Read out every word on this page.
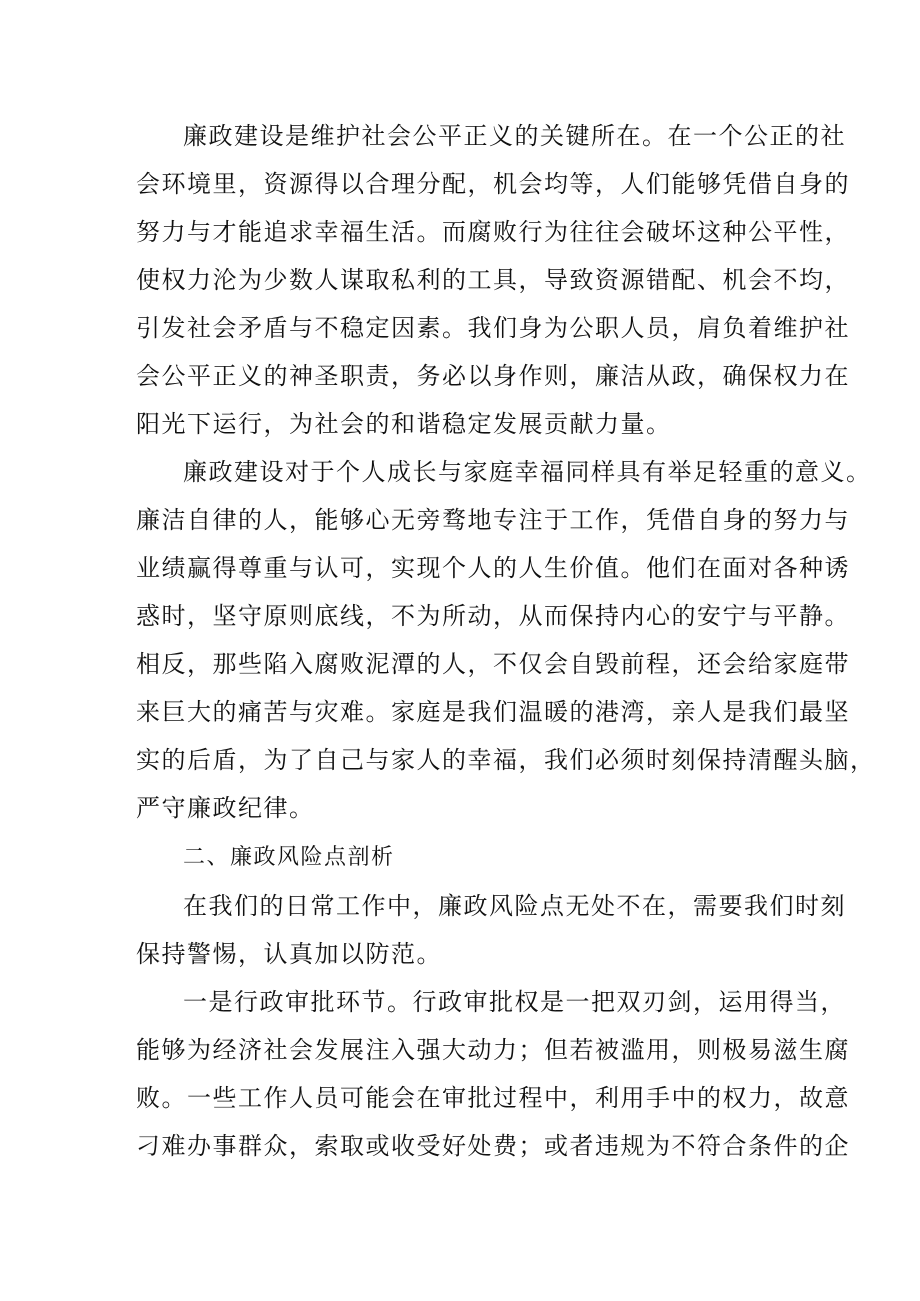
廉政建设是维护社会公平正义的关键所在。在一个公正的社
会环境里，资源得以合理分配，机会均等，人们能够凭借自身的
努力与才能追求幸福生活。而腐败行为往往会破坏这种公平性，
使权力沦为少数人谋取私利的工具，导致资源错配、机会不均，
引发社会矛盾与不稳定因素。我们身为公职人员，肩负着维护社
会公平正义的神圣职责，务必以身作则，廉洁从政，确保权力在
阳光下运行，为社会的和谐稳定发展贡献力量。
廉政建设对于个人成长与家庭幸福同样具有举足轻重的意义。
廉洁自律的人，能够心无旁骛地专注于工作，凭借自身的努力与
业绩赢得尊重与认可，实现个人的人生价值。他们在面对各种诱
惑时，坚守原则底线，不为所动，从而保持内心的安宁与平静。
相反，那些陷入腐败泥潭的人，不仅会自毁前程，还会给家庭带
来巨大的痛苦与灾难。家庭是我们温暖的港湾，亲人是我们最坚
实的后盾，为了自己与家人的幸福，我们必须时刻保持清醒头脑，
严守廉政纪律。
二、廉政风险点剖析
在我们的日常工作中，廉政风险点无处不在，需要我们时刻
保持警惕，认真加以防范。
一是行政审批环节。行政审批权是一把双刃剑，运用得当，
能够为经济社会发展注入强大动力；但若被滥用，则极易滋生腐
败。一些工作人员可能会在审批过程中，利用手中的权力，故意
刁难办事群众，索取或收受好处费；或者违规为不符合条件的企
